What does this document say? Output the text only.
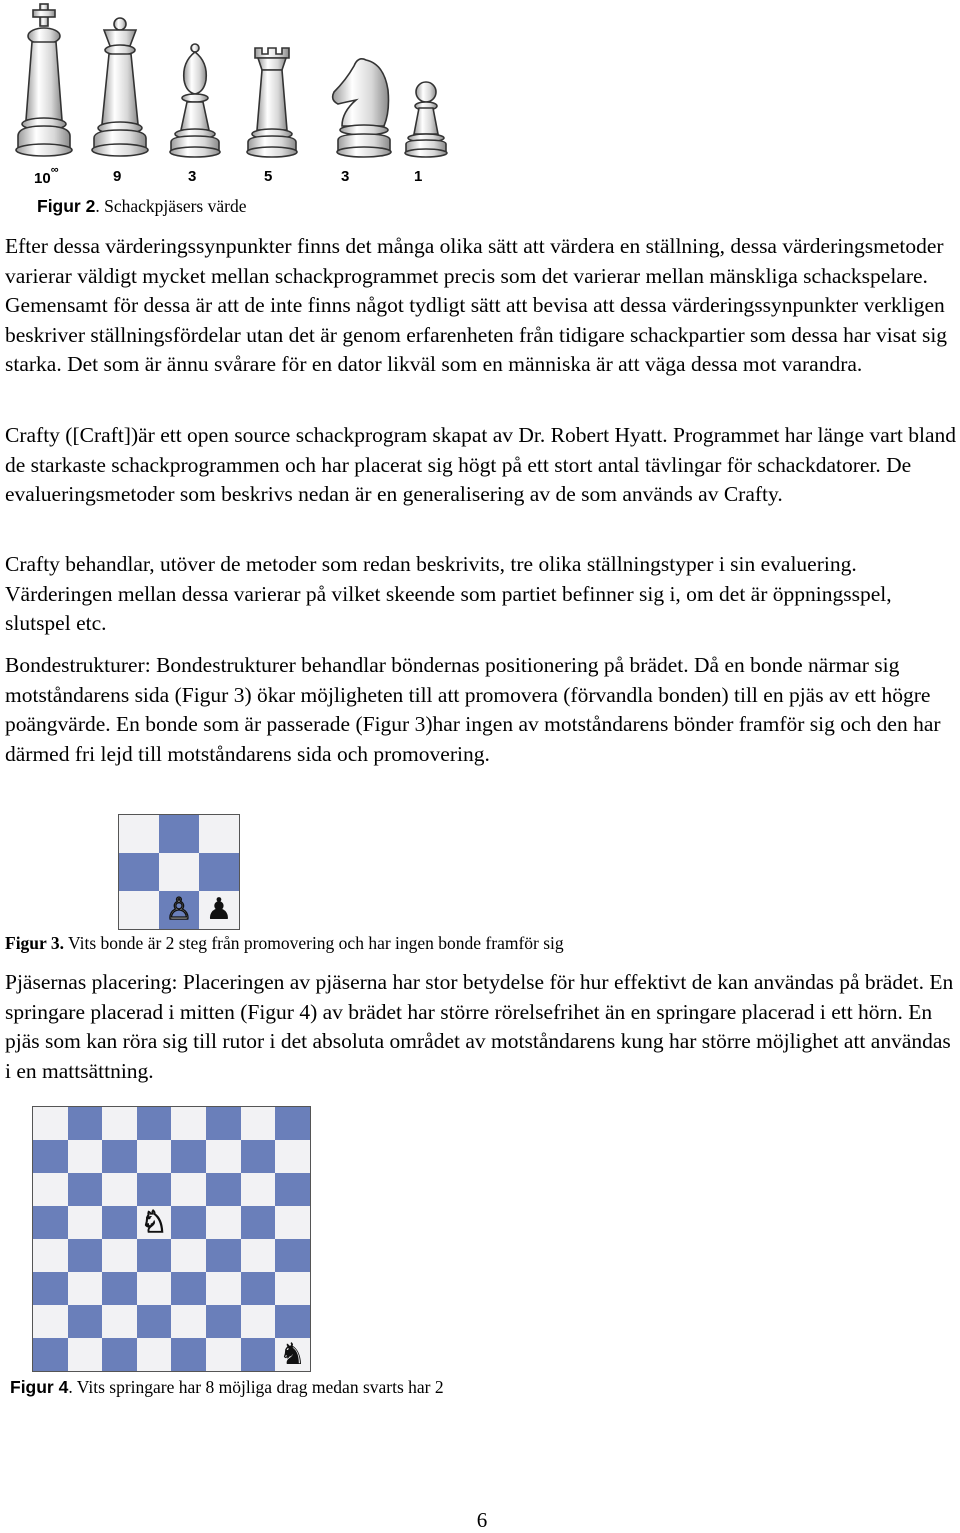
10∞	9	3	5	3	1

Figur 2. Schackpjäsers värde

Efter dessa värderingssynpunkter finns det många olika sätt att värdera en ställning, dessa värderingsmetoder varierar väldigt mycket mellan schackprogrammet precis som det varierar mellan mänskliga schackspelare. Gemensamt för dessa är att de inte finns något tydligt sätt att bevisa att dessa värderingssynpunkter verkligen beskriver ställningsfördelar utan det är genom erfarenheten från tidigare schackpartier som dessa har visat sig starka. Det som är ännu svårare för en dator likväl som en människa är att väga dessa mot varandra.

Crafty ([Craft])är ett open source schackprogram skapat av Dr. Robert Hyatt. Programmet har länge vart bland de starkaste schackprogrammen och har placerat sig högt på ett stort antal tävlingar för schackdatorer. De evalueringsmetoder som beskrivs nedan är en generalisering av de som används av Crafty.

Crafty behandlar, utöver de metoder som redan beskrivits, tre olika ställningstyper i sin evaluering. Värderingen mellan dessa varierar på vilket skeende som partiet befinner sig i, om det är öppningsspel, slutspel etc.

Bondestrukturer: Bondestrukturer behandlar böndernas positionering på brädet. Då en bonde närmar sig motståndarens sida (Figur 3) ökar möjligheten till att promovera (förvandla bonden) till en pjäs av ett högre poängvärde. En bonde som är passerade (Figur 3)har ingen av motståndarens bönder framför sig och den har därmed fri lejd till motståndarens sida och promovering.

♙ ♟

Figur 3. Vits bonde är 2 steg från promovering och har ingen bonde framför sig

Pjäsernas placering: Placeringen av pjäserna har stor betydelse för hur effektivt de kan användas på brädet. En springare placerad i mitten (Figur 4) av brädet har större rörelsefrihet än en springare placerad i ett hörn. En pjäs som kan röra sig till rutor i det absoluta området av motståndarens kung har större möjlighet att användas i en mattsättning.

♘
♞

Figur 4. Vits springare har 8 möjliga drag medan svarts har 2

6
